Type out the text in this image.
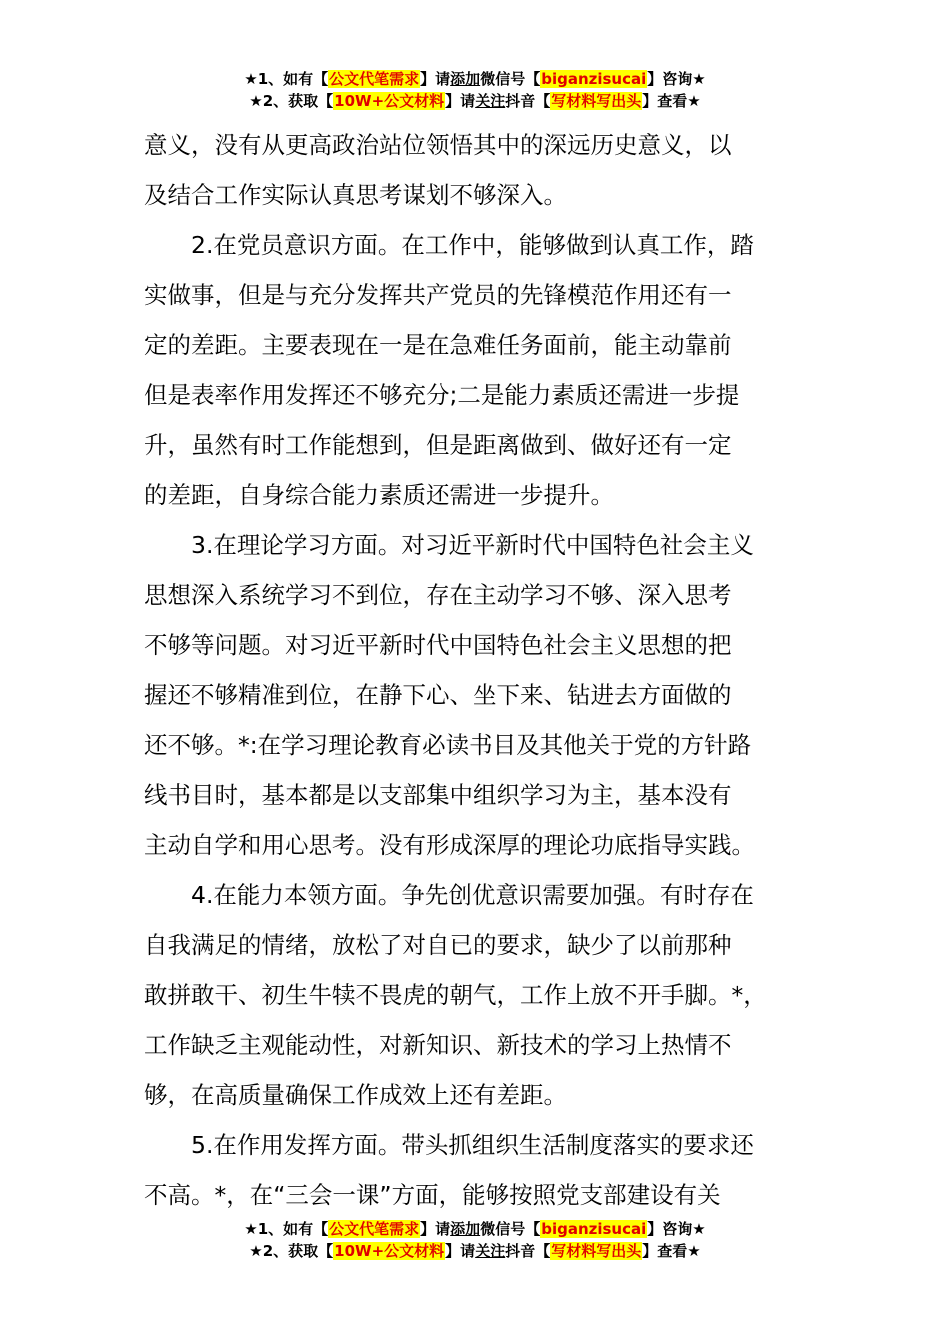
★1、如有【公文代笔需求】请添加微信号【biganzisucai】咨询★
★2、获取【10W+公文材料】请关注抖音【写材料写出头】查看★

意义，没有从更高政治站位领悟其中的深远历史意义，以
及结合工作实际认真思考谋划不够深入。

　　2.在党员意识方面。在工作中，能够做到认真工作，踏
实做事，但是与充分发挥共产党员的先锋模范作用还有一
定的差距。主要表现在一是在急难任务面前，能主动靠前
但是表率作用发挥还不够充分;二是能力素质还需进一步提
升，虽然有时工作能想到，但是距离做到、做好还有一定
的差距，自身综合能力素质还需进一步提升。

　　3.在理论学习方面。对习近平新时代中国特色社会主义
思想深入系统学习不到位，存在主动学习不够、深入思考
不够等问题。对习近平新时代中国特色社会主义思想的把
握还不够精准到位，在静下心、坐下来、钻进去方面做的
还不够。*:在学习理论教育必读书目及其他关于党的方针路
线书目时，基本都是以支部集中组织学习为主，基本没有
主动自学和用心思考。没有形成深厚的理论功底指导实践。

　　4.在能力本领方面。争先创优意识需要加强。有时存在
自我满足的情绪，放松了对自已的要求，缺少了以前那种
敢拼敢干、初生牛犊不畏虎的朝气，工作上放不开手脚。*，
工作缺乏主观能动性，对新知识、新技术的学习上热情不
够，在高质量确保工作成效上还有差距。

　　5.在作用发挥方面。带头抓组织生活制度落实的要求还
不高。*，在“三会一课”方面，能够按照党支部建设有关

★1、如有【公文代笔需求】请添加微信号【biganzisucai】咨询★
★2、获取【10W+公文材料】请关注抖音【写材料写出头】查看★
